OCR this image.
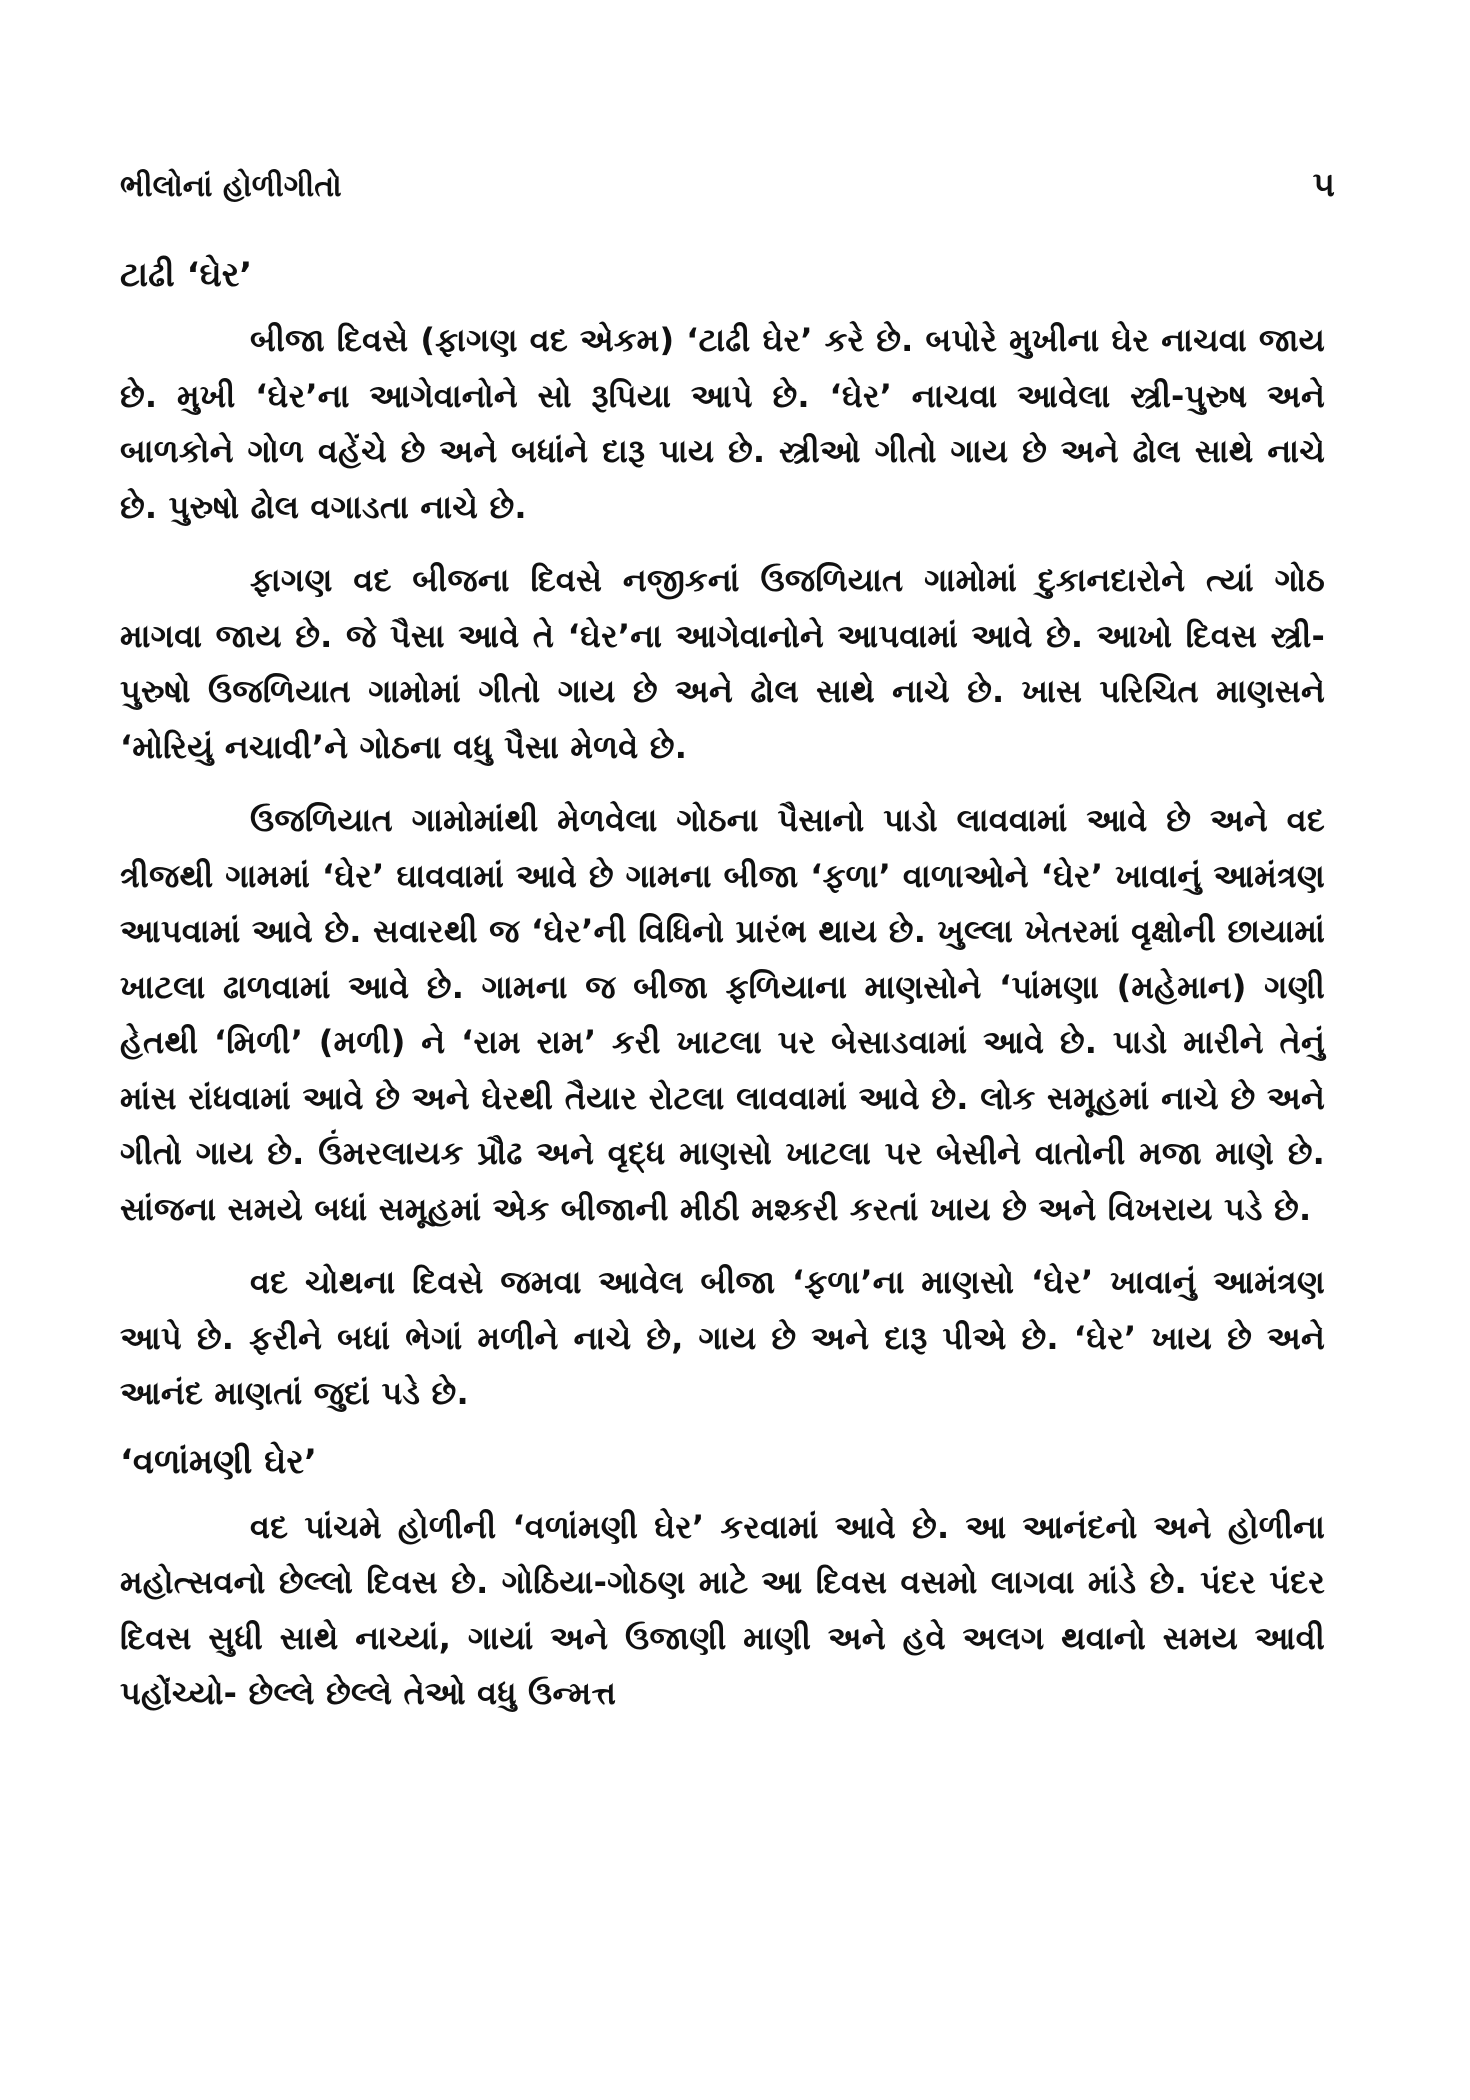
ભીલોનાં હોળીગીતો	૫
ટાઢી ‘ઘેર’

બીજા દિવસે (ફાગણ વદ એકમ) ‘ટાઢી ઘેર’ કરે છે. બપોરે મુખીના ઘેર નાચવા જાય છે. મુખી ‘ઘેર’ના આગેવાનોને સો રૂપિયા આપે છે. ‘ઘેર’ નાચવા આવેલા સ્ત્રી-પુરુષ અને બાળકોને ગોળ વહેંચે છે અને બધાંને દારૂ પાય છે. સ્ત્રીઓ ગીતો ગાય છે અને ઢોલ સાથે નાચે છે. પુરુષો ઢોલ વગાડતા નાચે છે.

ફાગણ વદ બીજના દિવસે નજીકનાં ઉજળિયાત ગામોમાં દુકાનદારોને ત્યાં ગોઠ માગવા જાય છે. જે પૈસા આવે તે ‘ઘેર’ના આગેવાનોને આપવામાં આવે છે. આખો દિવસ સ્ત્રી-પુરુષો ઉજળિયાત ગામોમાં ગીતો ગાય છે અને ઢોલ સાથે નાચે છે. ખાસ પરિચિત માણસને ‘મોરિયું નચાવી’ને ગોઠના વધુ પૈસા મેળવે છે.

ઉજળિયાત ગામોમાંથી મેળવેલા ગોઠના પૈસાનો પાડો લાવવામાં આવે છે અને વદ ત્રીજથી ગામમાં ‘ઘેર’ ઘાવવામાં આવે છે ગામના બીજા ‘ફળા’ વાળાઓને ‘ઘેર’ ખાવાનું આમંત્રણ આપવામાં આવે છે. સવારથી જ ‘ઘેર’ની વિધિનો પ્રારંભ થાય છે. ખુલ્લા ખેતરમાં વૃક્ષોની છાયામાં ખાટલા ઢાળવામાં આવે છે. ગામના જ બીજા ફળિયાના માણસોને ‘પાંમણા (મહેમાન) ગણી હેતથી ‘મિળી’ (મળી) ને ‘રામ રામ’ કરી ખાટલા પર બેસાડવામાં આવે છે. પાડો મારીને તેનું માંસ રાંધવામાં આવે છે અને ઘેરથી તૈયાર રોટલા લાવવામાં આવે છે. લોક સમૂહમાં નાચે છે અને ગીતો ગાય છે. ઉંમરલાયક પ્રૌઢ અને વૃદ્ધ માણસો ખાટલા પર બેસીને વાતોની મજા માણે છે. સાંજના સમયે બધાં સમૂહમાં એક બીજાની મીઠી મશ્કરી કરતાં ખાય છે અને વિખરાય પડે છે.

વદ ચોથના દિવસે જમવા આવેલ બીજા ‘ફળા’ના માણસો ‘ઘેર’ ખાવાનું આમંત્રણ આપે છે. ફરીને બધાં ભેગાં મળીને નાચે છે, ગાય છે અને દારૂ પીએ છે. ‘ઘેર’ ખાય છે અને આનંદ માણતાં જુદાં પડે છે.

‘વળાંમણી ઘેર’

વદ પાંચમે હોળીની ‘વળાંમણી ઘેર’ કરવામાં આવે છે. આ આનંદનો અને હોળીના મહોત્સવનો છેલ્લો દિવસ છે. ગોઠિયા-ગોઠણ માટે આ દિવસ વસમો લાગવા માંડે છે. પંદર પંદર દિવસ સુધી સાથે નાચ્યાં, ગાયાં અને ઉજાણી માણી અને હવે અલગ થવાનો સમય આવી પહોંચ્યો- છેલ્લે છેલ્લે તેઓ વધુ ઉન્મત્ત
